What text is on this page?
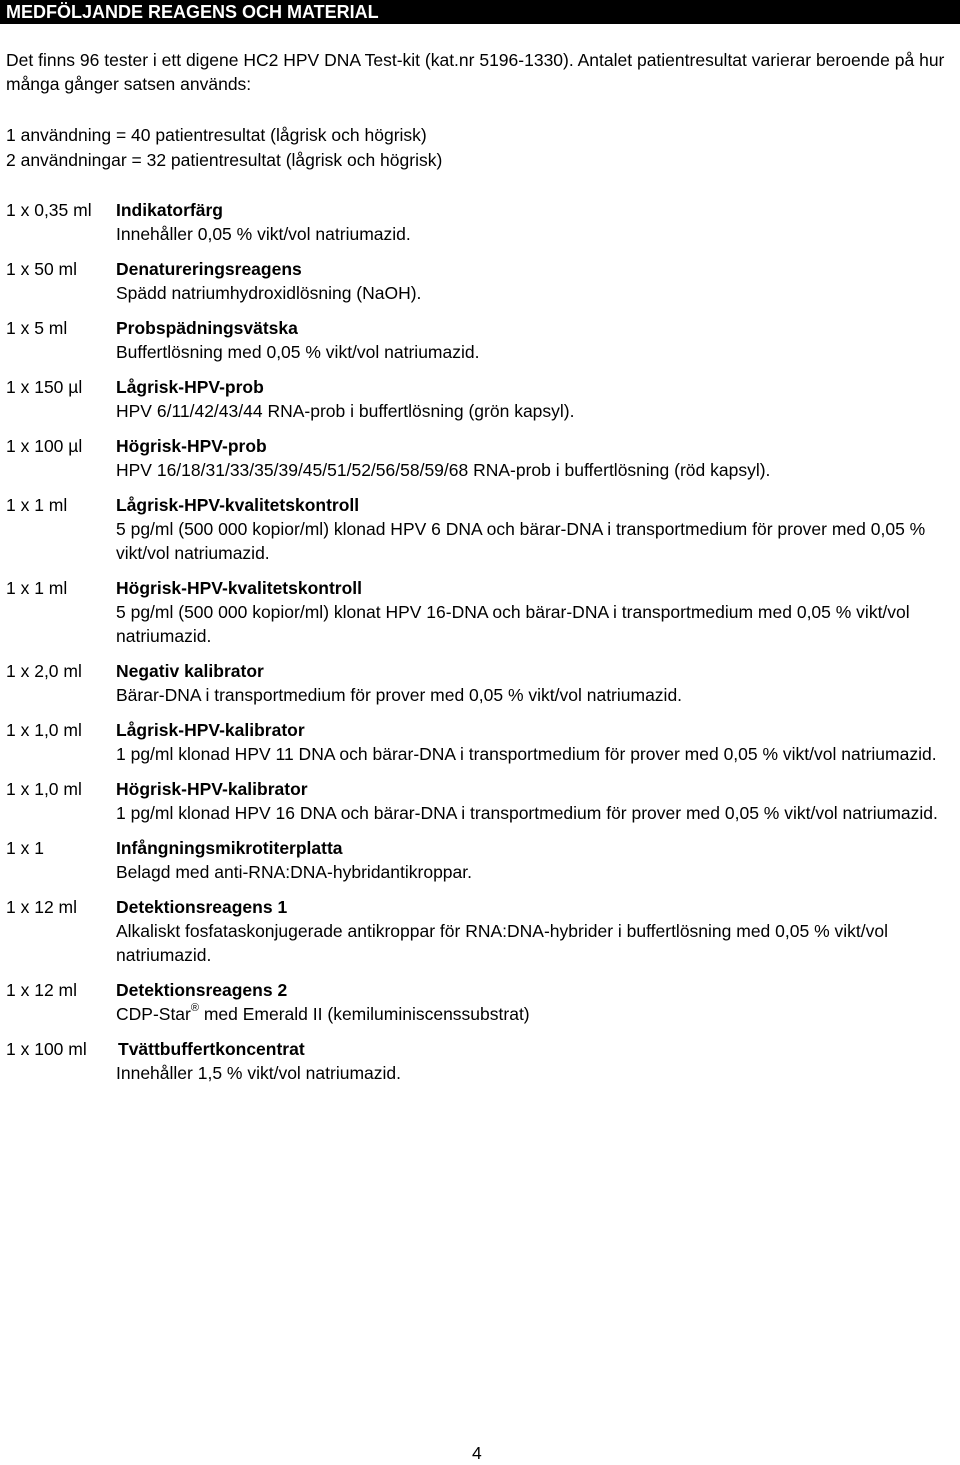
MEDFÖLJANDE REAGENS OCH MATERIAL

Det finns 96 tester i ett digene HC2 HPV DNA Test-kit (kat.nr 5196-1330). Antalet patientresultat varierar beroende på hur många gånger satsen används:

1 användning = 40 patientresultat (lågrisk och högrisk)
2 användningar = 32 patientresultat (lågrisk och högrisk)
1 x 0,35 ml Indikatorfärg
Innehåller 0,05 % vikt/vol natriumazid.
1 x 50 ml Denatureringsreagens
Spädd natriumhydroxidlösning (NaOH).
1 x 5 ml	Probspädningsvätska
Buffertlösning med 0,05 % vikt/vol natriumazid.
1 x 150 µl Lågrisk-HPV-prob
HPV 6/11/42/43/44 RNA-prob i buffertlösning (grön kapsyl).
1 x 100 µl Högrisk-HPV-prob
HPV 16/18/31/33/35/39/45/51/52/56/58/59/68 RNA-prob i buffertlösning (röd kapsyl).
1 x 1 ml	Lågrisk-HPV-kvalitetskontroll
5 pg/ml (500 000 kopior/ml) klonad HPV 6 DNA och bärar-DNA i transportmedium för prover med 0,05 % vikt/vol natriumazid.
1 x 1 ml	Högrisk-HPV-kvalitetskontroll
5 pg/ml (500 000 kopior/ml) klonat HPV 16-DNA och bärar-DNA i transportmedium med 0,05 % vikt/vol natriumazid.
1 x 2,0 ml Negativ kalibrator
Bärar-DNA i transportmedium för prover med 0,05 % vikt/vol natriumazid.
1 x 1,0 ml Lågrisk-HPV-kalibrator
1 pg/ml klonad HPV 11 DNA och bärar-DNA i transportmedium för prover med 0,05 % vikt/vol natriumazid.
1 x 1,0 ml Högrisk-HPV-kalibrator
1 pg/ml klonad HPV 16 DNA och bärar-DNA i transportmedium för prover med 0,05 % vikt/vol natriumazid.
1 x 1	Infångningsmikrotiterplatta
Belagd med anti-RNA:DNA-hybridantikroppar.
1 x 12 ml Detektionsreagens 1
Alkaliskt fosfataskonjugerade antikroppar för RNA:DNA-hybrider i buffertlösning med 0,05 % vikt/vol natriumazid.
1 x 12 ml Detektionsreagens 2
CDP-Star® med Emerald II (kemiluminiscenssubstrat)
1 x 100 ml Tvättbuffertkoncentrat
Innehåller 1,5 % vikt/vol natriumazid.
4
